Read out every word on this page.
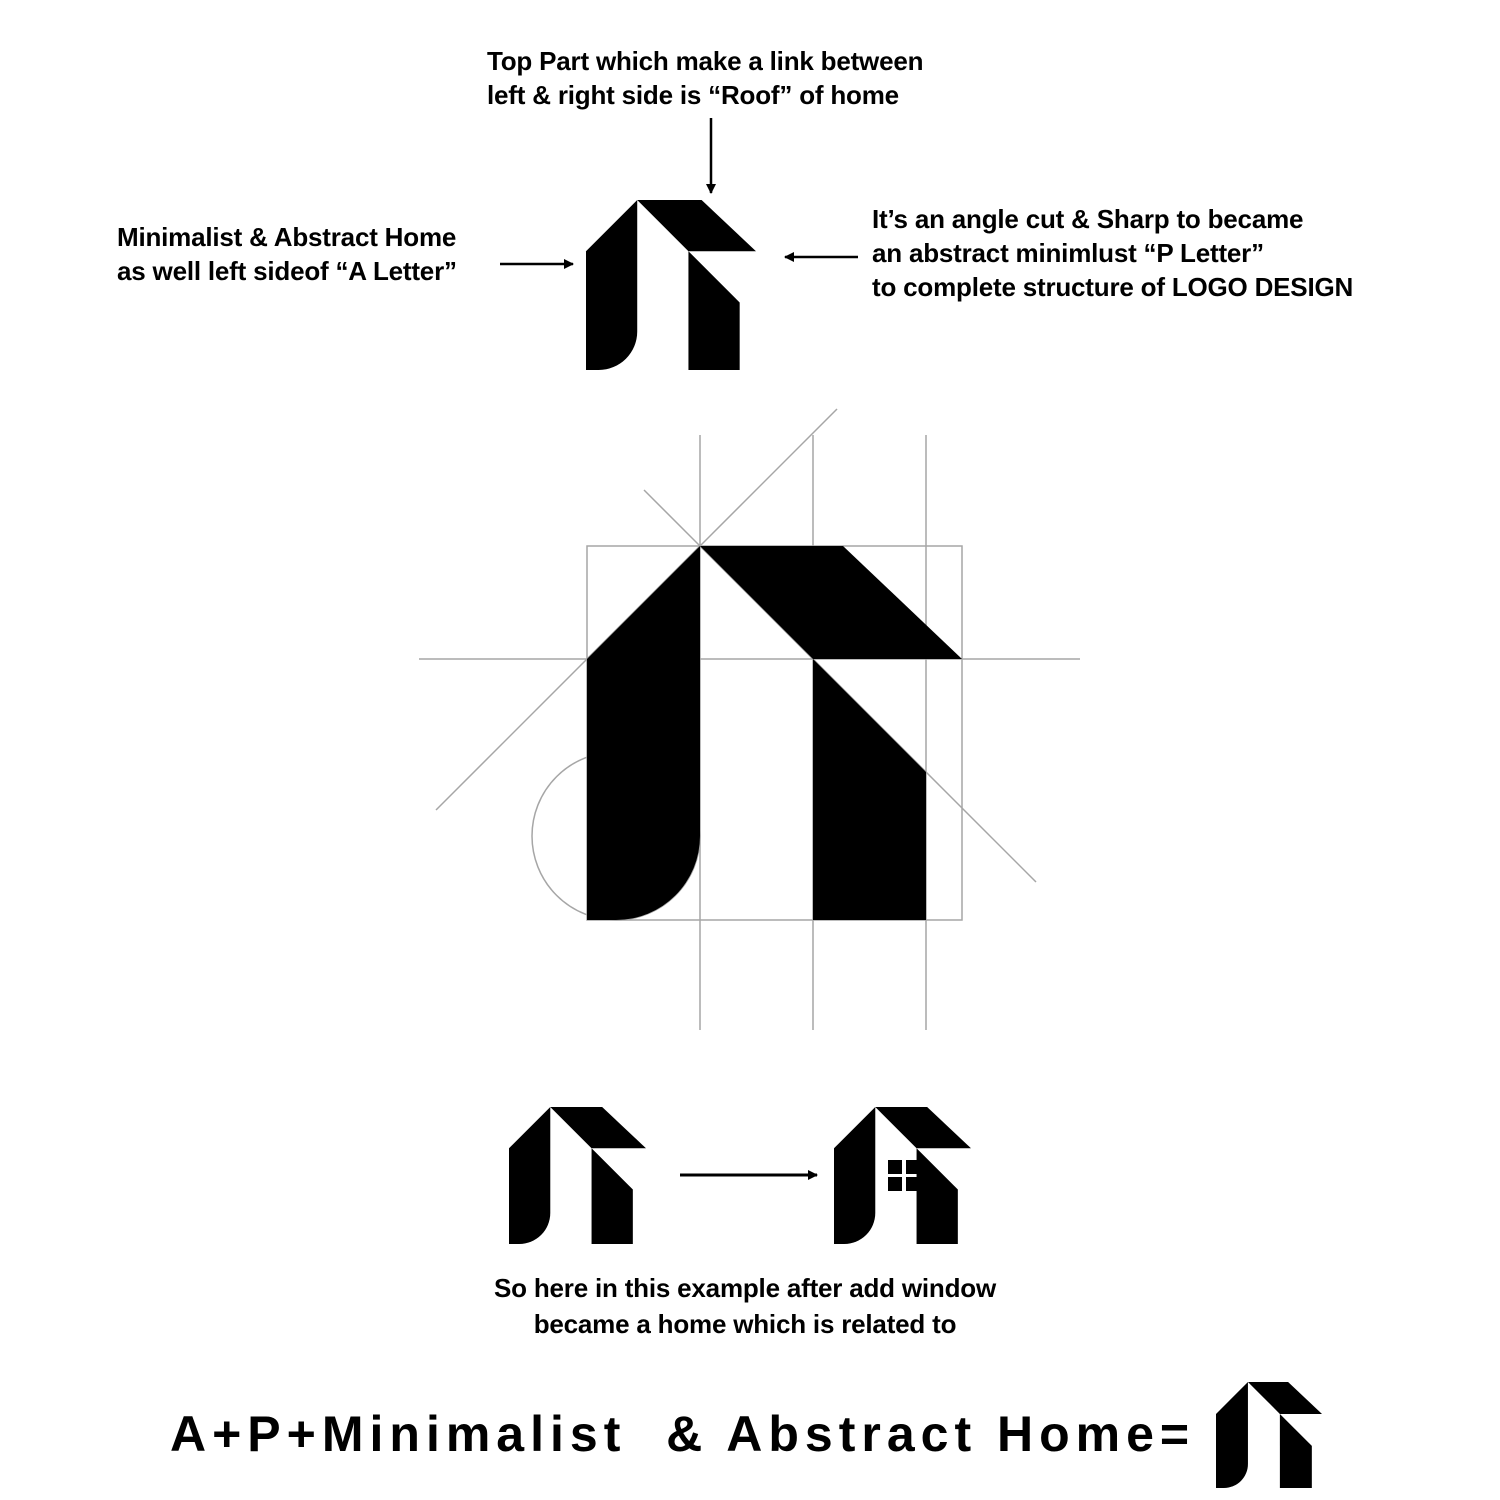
Top Part which make a link between
left & right side is “Roof” of home
Minimalist & Abstract Home
as well left sideof “A Letter”
It’s an angle cut & Sharp to became
an abstract minimlust “P Letter”
to complete structure of LOGO DESIGN
So here in this example after add window
became a home which is related to
A+P+Minimalist  & Abstract Home=
